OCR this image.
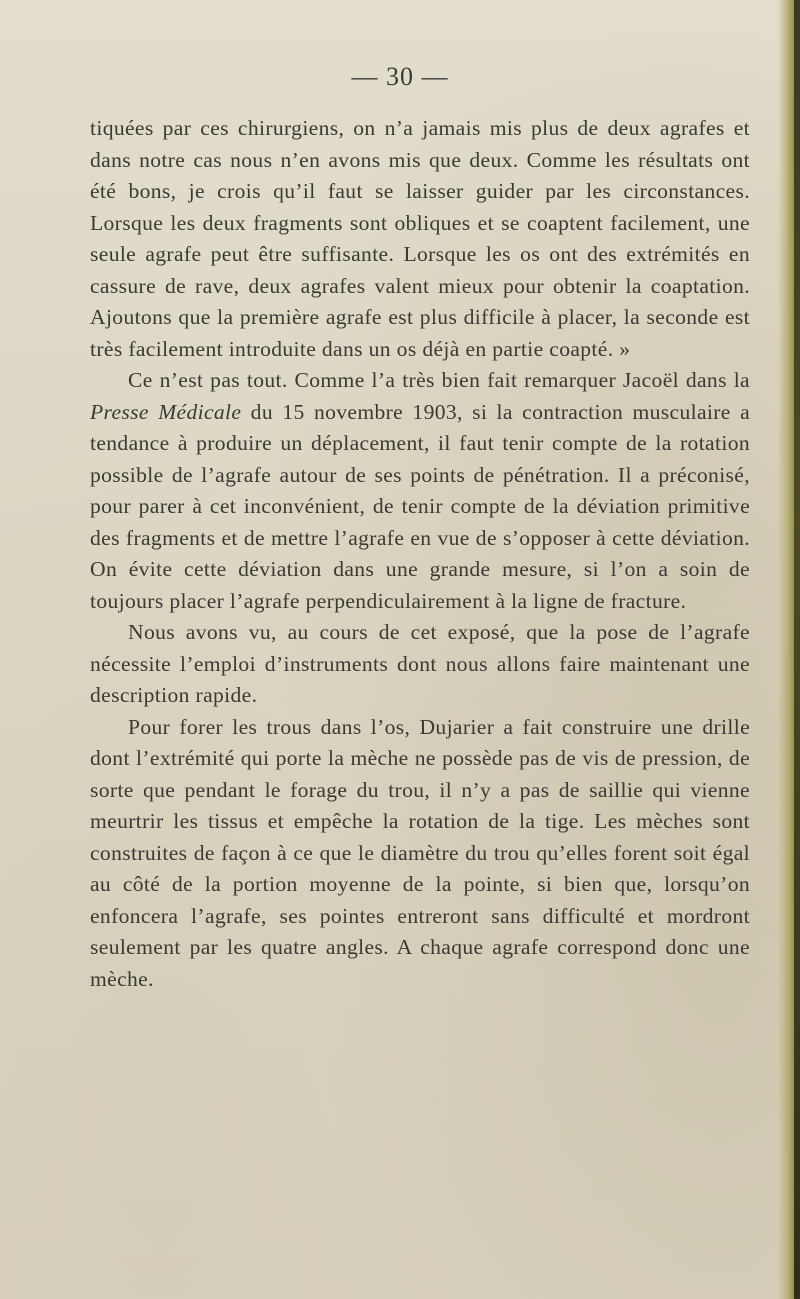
— 30 —

tiquées par ces chirurgiens, on n’a jamais mis plus de deux agrafes et dans notre cas nous n’en avons mis que deux. Comme les résultats ont été bons, je crois qu’il faut se laisser guider par les circonstances. Lorsque les deux fragments sont obliques et se coaptent facilement, une seule agrafe peut être suffisante. Lorsque les os ont des extrémités en cassure de rave, deux agrafes valent mieux pour obtenir la coaptation. Ajoutons que la première agrafe est plus difficile à placer, la seconde est très facilement introduite dans un os déjà en partie coapté. »

Ce n’est pas tout. Comme l’a très bien fait remarquer Jacoël dans la Presse Médicale du 15 novembre 1903, si la contraction musculaire a tendance à produire un déplacement, il faut tenir compte de la rotation possible de l’agrafe autour de ses points de pénétration. Il a préconisé, pour parer à cet inconvénient, de tenir compte de la déviation primitive des fragments et de mettre l’agrafe en vue de s’opposer à cette déviation. On évite cette déviation dans une grande mesure, si l’on a soin de toujours placer l’agrafe perpendiculairement à la ligne de fracture.

Nous avons vu, au cours de cet exposé, que la pose de l’agrafe nécessite l’emploi d’instruments dont nous allons faire maintenant une description rapide.

Pour forer les trous dans l’os, Dujarier a fait construire une drille dont l’extrémité qui porte la mèche ne possède pas de vis de pression, de sorte que pendant le forage du trou, il n’y a pas de saillie qui vienne meurtrir les tissus et empêche la rotation de la tige. Les mèches sont construites de façon à ce que le diamètre du trou qu’elles forent soit égal au côté de la portion moyenne de la pointe, si bien que, lorsqu’on enfoncera l’agrafe, ses pointes entreront sans difficulté et mordront seulement par les quatre angles. A chaque agrafe correspond donc une mèche.
